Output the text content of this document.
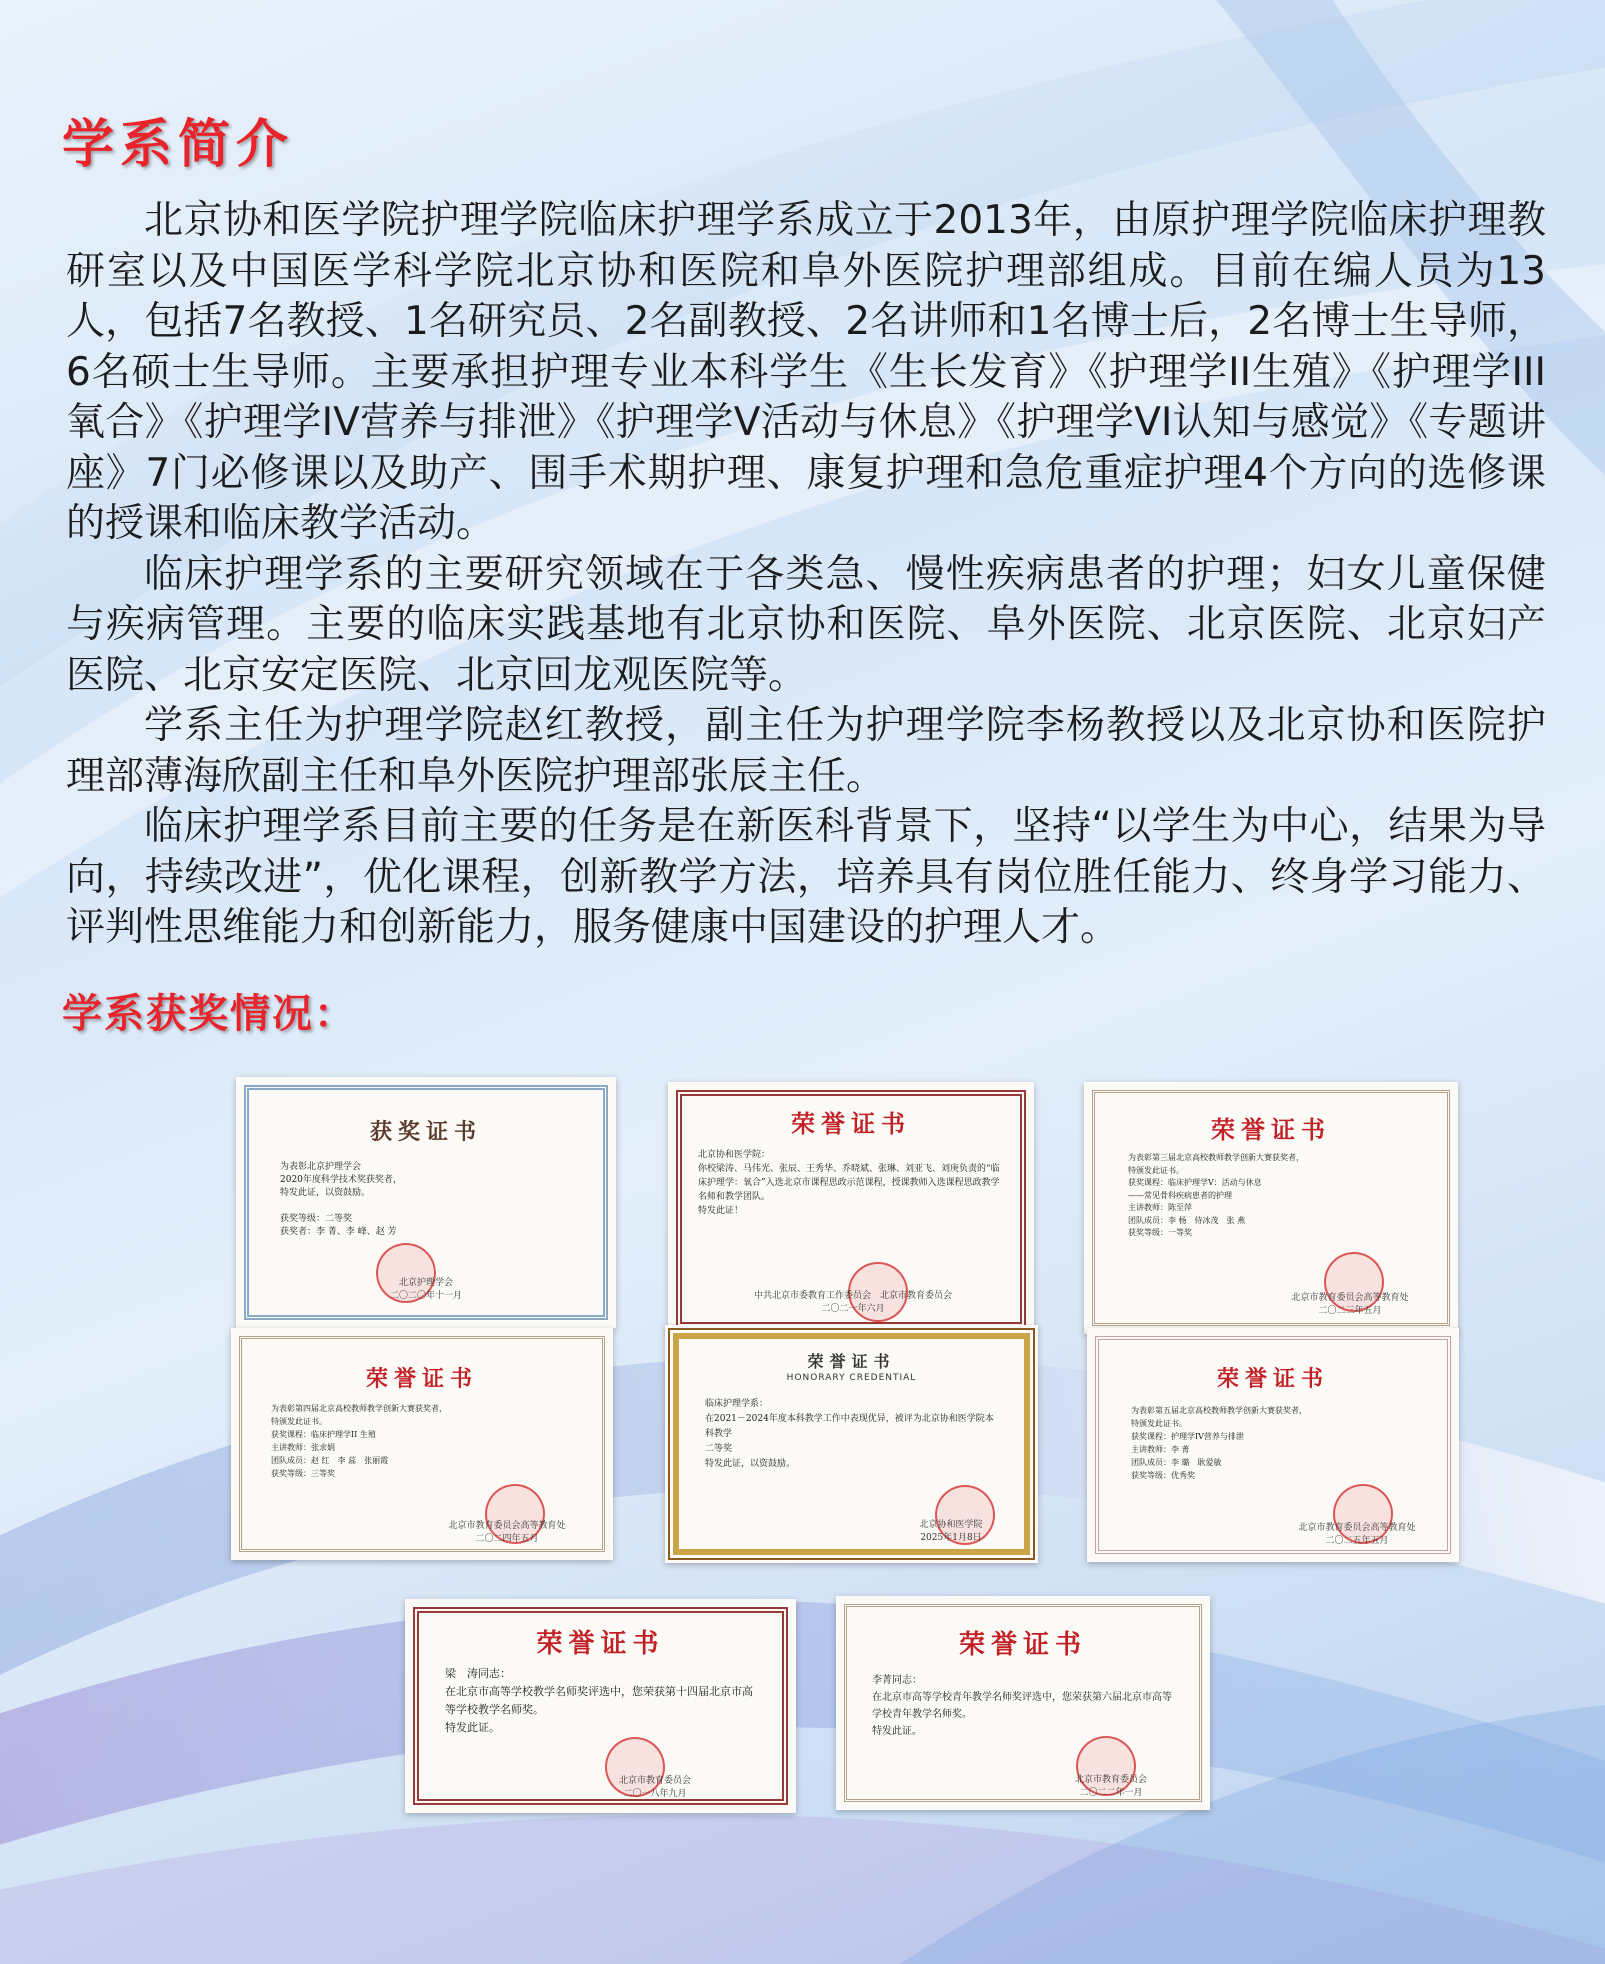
学系简介

北京协和医学院护理学院临床护理学系成立于2013年，由原护理学院临床护理教研室以及中国医学科学院北京协和医院和阜外医院护理部组成。目前在编人员为13人，包括7名教授、1名研究员、2名副教授、2名讲师和1名博士后，2名博士生导师，6名硕士生导师。主要承担护理专业本科学生《生长发育》《护理学II生殖》《护理学III氧合》《护理学IV营养与排泄》《护理学V活动与休息》《护理学VI认知与感觉》《专题讲座》7门必修课以及助产、围手术期护理、康复护理和急危重症护理4个方向的选修课的授课和临床教学活动。

临床护理学系的主要研究领域在于各类急、慢性疾病患者的护理；妇女儿童保健与疾病管理。主要的临床实践基地有北京协和医院、阜外医院、北京医院、北京妇产医院、北京安定医院、北京回龙观医院等。

学系主任为护理学院赵红教授，副主任为护理学院李杨教授以及北京协和医院护理部薄海欣副主任和阜外医院护理部张辰主任。

临床护理学系目前主要的任务是在新医科背景下，坚持“以学生为中心，结果为导向，持续改进”，优化课程，创新教学方法，培养具有岗位胜任能力、终身学习能力、评判性思维能力和创新能力，服务健康中国建设的护理人才。

学系获奖情况：
获奖证书
为表彰北京护理学会
2020年度科学技术奖获奖者，
特发此证，以资鼓励。

获奖等级：二等奖
获奖者：李 菁、李 峰、赵 芳
北京护理学会
二〇二〇年十一月
荣誉证书
北京协和医学院：
你校梁涛、马伟光、张辰、王秀华、乔晓斌、张琳、刘亚飞、刘庚负责的“临床护理学：氧合”入选北京市课程思政示范课程，授课教师入选课程思政教学名师和教学团队。
特发此证！
中共北京市委教育工作委员会　北京市教育委员会
二〇二一年六月
荣誉证书
为表彰第三届北京高校教师教学创新大赛获奖者，
特颁发此证书。
获奖课程：临床护理学V：活动与休息
——常见骨科疾病患者的护理
主讲教师：陈至萍
团队成员：李 杨　侍冰茂　张 燕
获奖等级：一等奖
北京市教育委员会高等教育处
二〇二三年五月
荣誉证书
为表彰第四届北京高校教师教学创新大赛获奖者，
特颁发此证书。
获奖课程：临床护理学II 生殖
主讲教师：张求娟
团队成员：赵 红　李 蕊　张丽霞
获奖等级：三等奖
北京市教育委员会高等教育处
二〇二四年五月
荣誉证书
HONORARY CREDENTIAL
临床护理学系：
在2021－2024年度本科教学工作中表现优异，被评为北京协和医学院本科教学
二等奖
特发此证，以资鼓励。
北京协和医学院
2025年1月8日
荣誉证书
为表彰第五届北京高校教师教学创新大赛获奖者，
特颁发此证书。
获奖课程：护理学IV营养与排泄
主讲教师：李 菁
团队成员：李 璐　耿爱敏
获奖等级：优秀奖
北京市教育委员会高等教育处
二〇二五年五月
荣誉证书
梁　涛同志：
在北京市高等学校教学名师奖评选中，您荣获第十四届北京市高等学校教学名师奖。
特发此证。
北京市教育委员会
二〇一八年九月
荣誉证书
李菁同志：
在北京市高等学校青年教学名师奖评选中，您荣获第六届北京市高等学校青年教学名师奖。
特发此证。
北京市教育委员会
二〇二二年一月
